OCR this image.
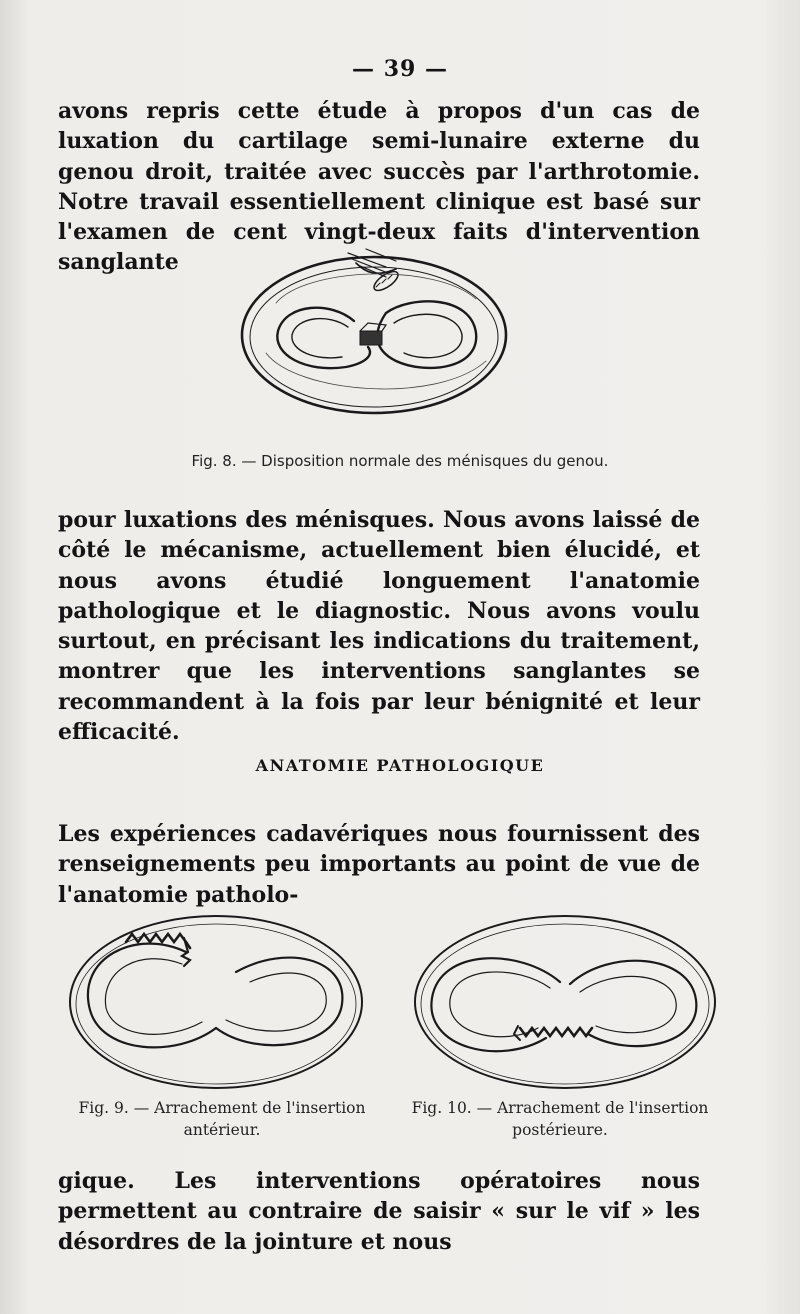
— 39 —

avons repris cette étude à propos d'un cas de luxation du cartilage semi-lunaire externe du genou droit, traitée avec succès par l'arthrotomie. Notre travail essentiellement clinique est basé sur l'examen de cent vingt-deux faits d'intervention sanglante

Fig. 8. — Disposition normale des ménisques du genou.

pour luxations des ménisques. Nous avons laissé de côté le mécanisme, actuellement bien élucidé, et nous avons étudié longuement l'anatomie pathologique et le diagnostic. Nous avons voulu surtout, en précisant les indications du traitement, montrer que les interventions sanglantes se recommandent à la fois par leur bénignité et leur efficacité.

ANATOMIE PATHOLOGIQUE

Les expériences cadavériques nous fournissent des renseignements peu importants au point de vue de l'anatomie patholo-

Fig. 9. — Arrachement de l'insertion antérieur.
Fig. 10. — Arrachement de l'insertion postérieure.

gique. Les interventions opératoires nous permettent au contraire de saisir « sur le vif » les désordres de la jointure et nous
